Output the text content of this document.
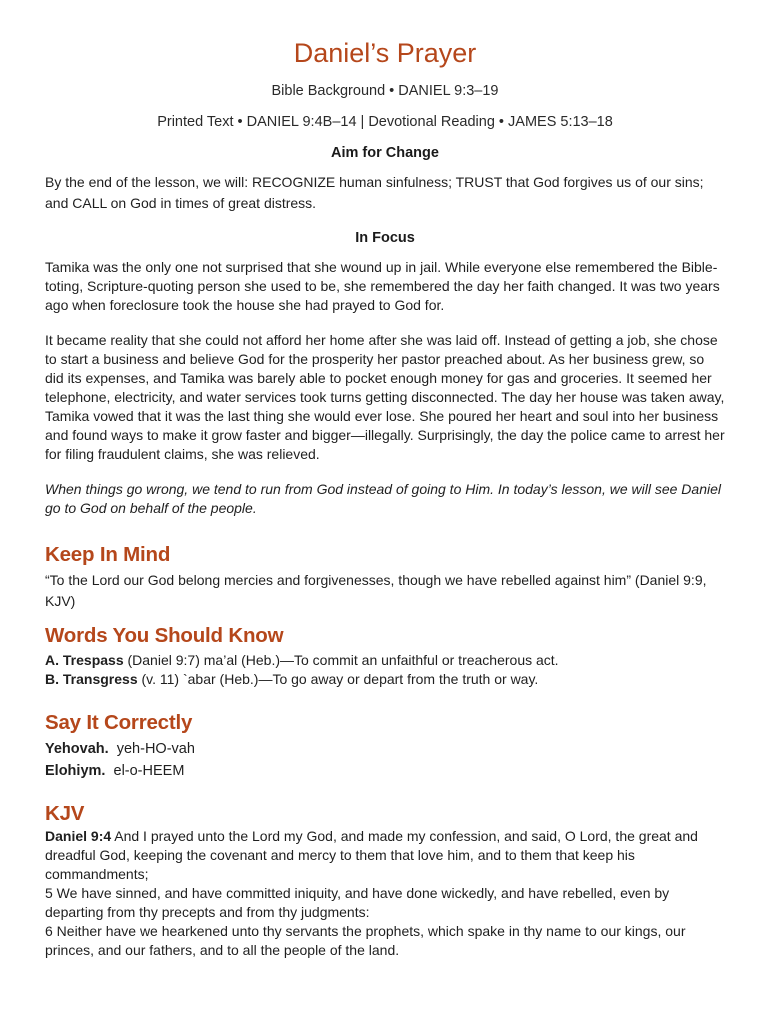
Daniel’s Prayer
Bible Background • DANIEL 9:3–19
Printed Text • DANIEL 9:4B–14 | Devotional Reading • JAMES 5:13–18
Aim for Change

By the end of the lesson, we will: RECOGNIZE human sinfulness; TRUST that God forgives us of our sins; and CALL on God in times of great distress.

In Focus

Tamika was the only one not surprised that she wound up in jail. While everyone else remembered the Bible-toting, Scripture-quoting person she used to be, she remembered the day her faith changed. It was two years ago when foreclosure took the house she had prayed to God for.

It became reality that she could not afford her home after she was laid off. Instead of getting a job, she chose to start a business and believe God for the prosperity her pastor preached about. As her business grew, so did its expenses, and Tamika was barely able to pocket enough money for gas and groceries. It seemed her telephone, electricity, and water services took turns getting disconnected. The day her house was taken away, Tamika vowed that it was the last thing she would ever lose. She poured her heart and soul into her business and found ways to make it grow faster and bigger—illegally. Surprisingly, the day the police came to arrest her for filing fraudulent claims, she was relieved.

When things go wrong, we tend to run from God instead of going to Him. In today’s lesson, we will see Daniel go to God on behalf of the people.

Keep In Mind

“To the Lord our God belong mercies and forgivenesses, though we have rebelled against him” (Daniel 9:9, KJV)

Words You Should Know

A. Trespass (Daniel 9:7) ma’al (Heb.)—To commit an unfaithful or treacherous act.

B. Transgress (v. 11) `abar (Heb.)—To go away or depart from the truth or way.

Say It Correctly
Yehovah. yeh-HO-vah
Elohiym. el-o-HEEM
KJV

Daniel 9:4 And I prayed unto the Lord my God, and made my confession, and said, O Lord, the great and dreadful God, keeping the covenant and mercy to them that love him, and to them that keep his commandments;

5 We have sinned, and have committed iniquity, and have done wickedly, and have rebelled, even by departing from thy precepts and from thy judgments:

6 Neither have we hearkened unto thy servants the prophets, which spake in thy name to our kings, our princes, and our fathers, and to all the people of the land.
